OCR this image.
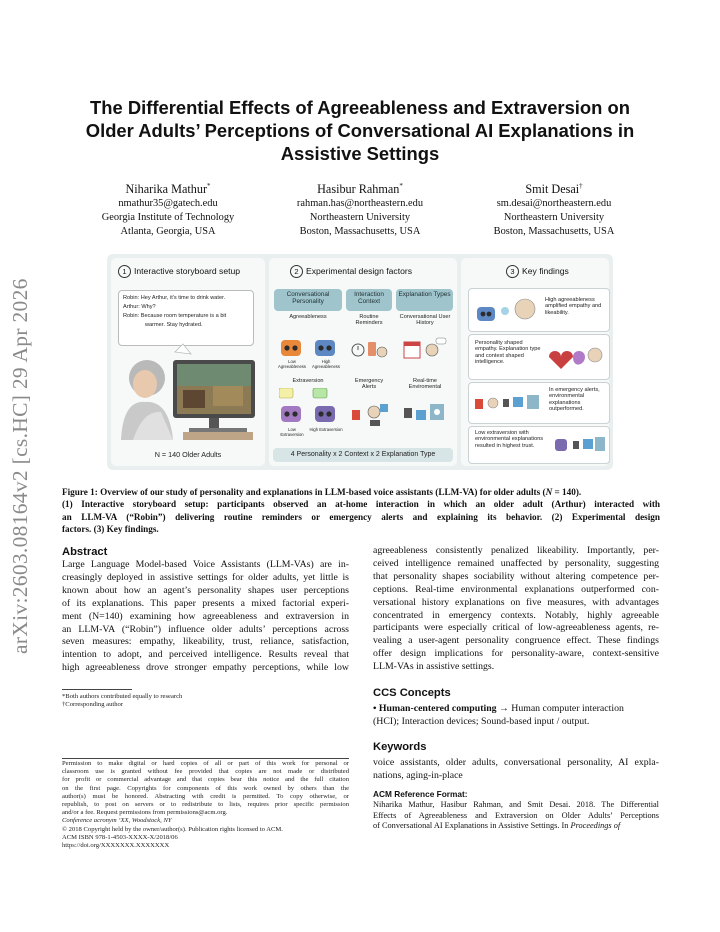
arXiv:2603.08164v2 [cs.HC] 29 Apr 2026
The Differential Effects of Agreeableness and Extraversion on
Older Adults’ Perceptions of Conversational AI Explanations in
Assistive Settings
Niharika Mathur*
nmathur35@gatech.edu
Georgia Institute of Technology
Atlanta, Georgia, USA
Hasibur Rahman*
rahman.has@northeastern.edu
Northeastern University
Boston, Massachusetts, USA
Smit Desai†
sm.desai@northeastern.edu
Northeastern University
Boston, Massachusetts, USA
1 Interactive storyboard setup
Robin: Hey Arthur, it’s time to drink water.
Arthur: Why?
Robin: Because room temperature is a bit
warmer. Stay hydrated.
N = 140 Older Adults
2 Experimental design factors
Conversational Personality
Interaction Context
Explanation Types
Agreeableness
Low Agreeableness
High Agreeableness
Extraversion
Low Extraversion
High Extraversion
Routine Reminders
Emergency Alerts
Conversational User History
Real-time Enviromental
4 Personality x 2 Context x 2 Explanation Type
3 Key findings
High agreeableness amplified empathy and likeability.
Personality shaped empathy. Explanation type and context shaped intelligence.
In emergency alerts, environmental explanations outperformed.
Low extraversion with environmental explanations resulted in highest trust.
Figure 1: Overview of our study of personality and explanations in LLM-based voice assistants (LLM-VA) for older adults (N = 140).
(1) Interactive storyboard setup: participants observed an at-home interaction in which an older adult (Arthur) interacted with
an LLM-VA (“Robin”) delivering routine reminders or emergency alerts and explaining its behavior. (2) Experimental design
factors. (3) Key findings.
Abstract
Large Language Model-based Voice Assistants (LLM-VAs) are in-
creasingly deployed in assistive settings for older adults, yet little is
known about how an agent’s personality shapes user perceptions
of its explanations. This paper presents a mixed factorial experi-
ment (N=140) examining how agreeableness and extraversion in
an LLM-VA (“Robin”) influence older adults’ perceptions across
seven measures: empathy, likeability, trust, reliance, satisfaction,
intention to adopt, and perceived intelligence. Results reveal that
high agreeableness drove stronger empathy perceptions, while low
*Both authors contributed equally to research
†Corresponding author
Permission to make digital or hard copies of all or part of this work for personal or
classroom use is granted without fee provided that copies are not made or distributed
for profit or commercial advantage and that copies bear this notice and the full citation
on the first page. Copyrights for components of this work owned by others than the
author(s) must be honored. Abstracting with credit is permitted. To copy otherwise, or
republish, to post on servers or to redistribute to lists, requires prior specific permission
and/or a fee. Request permissions from permissions@acm.org.
Conference acronym ’XX, Woodstock, NY
© 2018 Copyright held by the owner/author(s). Publication rights licensed to ACM.
ACM ISBN 978-1-4503-XXXX-X/2018/06
https://doi.org/XXXXXXX.XXXXXXX
agreeableness consistently penalized likeability. Importantly, per-
ceived intelligence remained unaffected by personality, suggesting
that personality shapes sociability without altering competence per-
ceptions. Real-time environmental explanations outperformed con-
versational history explanations on five measures, with advantages
concentrated in emergency contexts. Notably, highly agreeable
participants were especially critical of low-agreeableness agents, re-
vealing a user-agent personality congruence effect. These findings
offer design implications for personality-aware, context-sensitive
LLM-VAs in assistive settings.
CCS Concepts
• Human-centered computing → Human computer interaction
(HCI); Interaction devices; Sound-based input / output.
Keywords
voice assistants, older adults, conversational personality, AI expla-
nations, aging-in-place
ACM Reference Format:
Niharika Mathur, Hasibur Rahman, and Smit Desai. 2018. The Differential
Effects of Agreeableness and Extraversion on Older Adults’ Perceptions
of Conversational AI Explanations in Assistive Settings. In Proceedings of
